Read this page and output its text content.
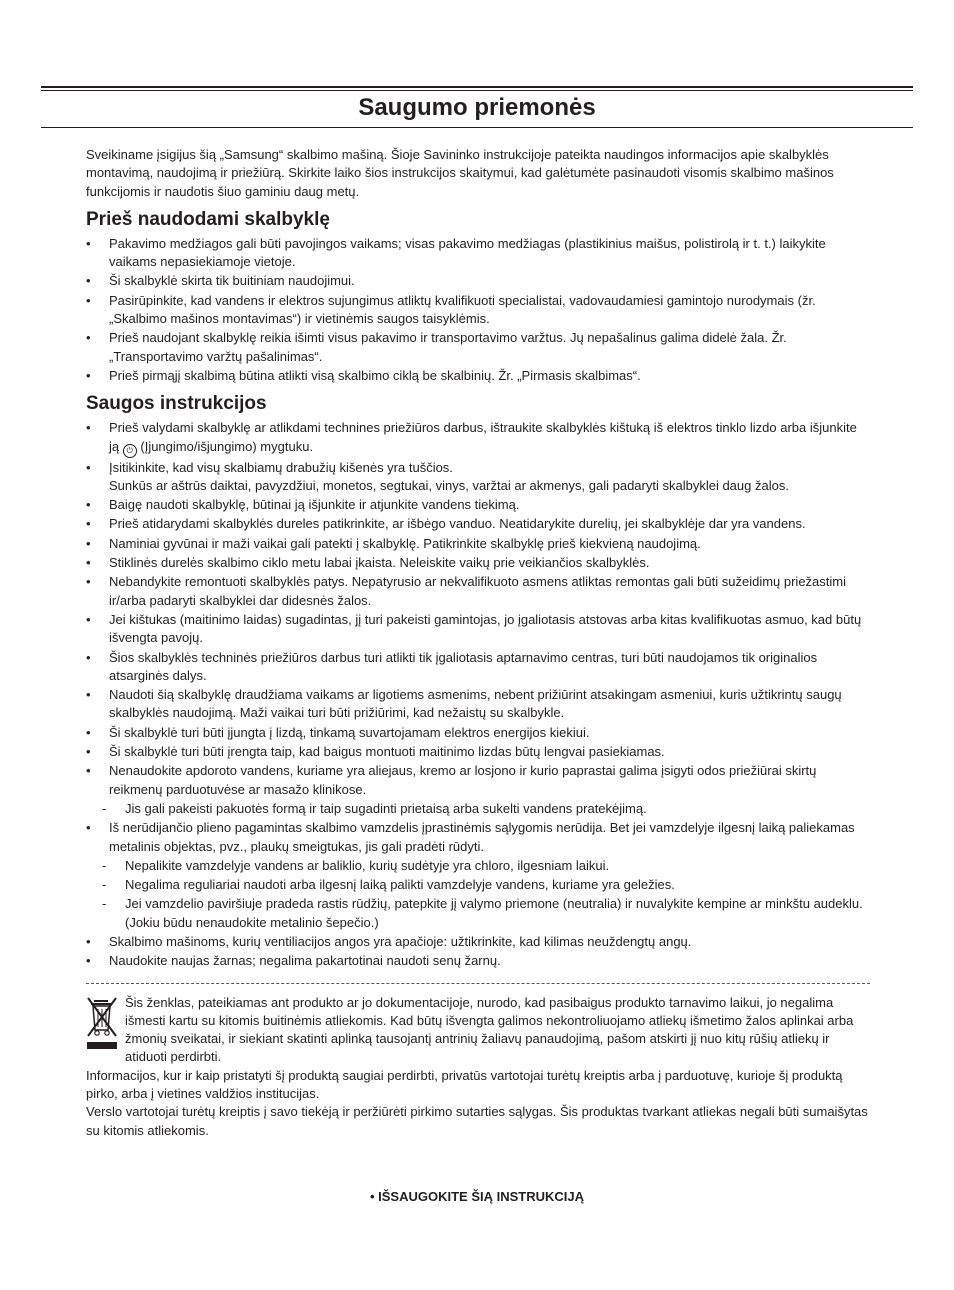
Saugumo priemonės

Sveikiname įsigijus šią „Samsung“ skalbimo mašiną. Šioje Savininko instrukcijoje pateikta naudingos informacijos apie skalbyklės montavimą, naudojimą ir priežiūrą. Skirkite laiko šios instrukcijos skaitymui, kad galėtumėte pasinaudoti visomis skalbimo mašinos funkcijomis ir naudotis šiuo gaminiu daug metų.

Prieš naudodami skalbyklę
• Pakavimo medžiagos gali būti pavojingos vaikams; visas pakavimo medžiagas (plastikinius maišus, polistirolą ir t. t.) laikykite vaikams nepasiekiamoje vietoje.
• Ši skalbyklė skirta tik buitiniam naudojimui.
• Pasirūpinkite, kad vandens ir elektros sujungimus atliktų kvalifikuoti specialistai, vadovaudamiesi gamintojo nurodymais (žr. „Skalbimo mašinos montavimas“) ir vietinėmis saugos taisyklėmis.
• Prieš naudojant skalbyklę reikia išimti visus pakavimo ir transportavimo varžtus. Jų nepašalinus galima didelė žala. Žr. „Transportavimo varžtų pašalinimas“.
• Prieš pirmąjį skalbimą būtina atlikti visą skalbimo ciklą be skalbinių. Žr. „Pirmasis skalbimas“.
Saugos instrukcijos
• Prieš valydami skalbyklę ar atlikdami technines priežiūros darbus, ištraukite skalbyklės kištuką iš elektros tinklo lizdo arba išjunkite ją ⏻ (Įjungimo/išjungimo) mygtuku.
• Įsitikinkite, kad visų skalbiamų drabužių kišenės yra tuščios.
Sunkūs ar aštrūs daiktai, pavyzdžiui, monetos, segtukai, vinys, varžtai ar akmenys, gali padaryti skalbyklei daug žalos.
• Baigę naudoti skalbyklę, būtinai ją išjunkite ir atjunkite vandens tiekimą.
• Prieš atidarydami skalbyklės dureles patikrinkite, ar išbėgo vanduo. Neatidarykite durelių, jei skalbyklėje dar yra vandens.
• Naminiai gyvūnai ir maži vaikai gali patekti į skalbyklę. Patikrinkite skalbyklę prieš kiekvieną naudojimą.
• Stiklinės durelės skalbimo ciklo metu labai įkaista. Neleiskite vaikų prie veikiančios skalbyklės.
• Nebandykite remontuoti skalbyklės patys. Nepatyrusio ar nekvalifikuoto asmens atliktas remontas gali būti sužeidimų priežastimi ir/arba padaryti skalbyklei dar didesnės žalos.
• Jei kištukas (maitinimo laidas) sugadintas, jį turi pakeisti gamintojas, jo įgaliotasis atstovas arba kitas kvalifikuotas asmuo, kad būtų išvengta pavojų.
• Šios skalbyklės techninės priežiūros darbus turi atlikti tik įgaliotasis aptarnavimo centras, turi būti naudojamos tik originalios atsarginės dalys.
• Naudoti šią skalbyklę draudžiama vaikams ar ligotiems asmenims, nebent prižiūrint atsakingam asmeniui, kuris užtikrintų saugų skalbyklės naudojimą. Maži vaikai turi būti prižiūrimi, kad nežaistų su skalbykle.
• Ši skalbyklė turi būti įjungta į lizdą, tinkamą suvartojamam elektros energijos kiekiui.
• Ši skalbyklė turi būti įrengta taip, kad baigus montuoti maitinimo lizdas būtų lengvai pasiekiamas.
• Nenaudokite apdoroto vandens, kuriame yra aliejaus, kremo ar losjono ir kurio paprastai galima įsigyti odos priežiūrai skirtų reikmenų parduotuvėse ar masažo klinikose.
- Jis gali pakeisti pakuotės formą ir taip sugadinti prietaisą arba sukelti vandens pratekėjimą.
• Iš nerūdijančio plieno pagamintas skalbimo vamzdelis įprastinėmis sąlygomis nerūdija. Bet jei vamzdelyje ilgesnį laiką paliekamas metalinis objektas, pvz., plaukų smeigtukas, jis gali pradėti rūdyti.
- Nepalikite vamzdelyje vandens ar baliklio, kurių sudėtyje yra chloro, ilgesniam laikui.
- Negalima reguliariai naudoti arba ilgesnį laiką palikti vamzdelyje vandens, kuriame yra geležies.
- Jei vamzdelio paviršiuje pradeda rastis rūdžių, patepkite jį valymo priemone (neutralia) ir nuvalykite kempine ar minkštu audeklu. (Jokiu būdu nenaudokite metalinio šepečio.)
• Skalbimo mašinoms, kurių ventiliacijos angos yra apačioje: užtikrinkite, kad kilimas neuždengtų angų.
• Naudokite naujas žarnas; negalima pakartotinai naudoti senų žarnų.
Šis ženklas, pateikiamas ant produkto ar jo dokumentacijoje, nurodo, kad pasibaigus produkto tarnavimo laikui, jo negalima išmesti kartu su kitomis buitinėmis atliekomis. Kad būtų išvengta galimos nekontroliuojamo atliekų išmetimo žalos aplinkai arba žmonių sveikatai, ir siekiant skatinti aplinką tausojantį antrinių žaliavų panaudojimą, pašom atskirti jį nuo kitų rūšių atliekų ir atiduoti perdirbti.

Informacijos, kur ir kaip pristatyti šį produktą saugiai perdirbti, privatūs vartotojai turėtų kreiptis arba į parduotuvę, kurioje šį produktą pirko, arba į vietines valdžios institucijas.

Verslo vartotojai turėtų kreiptis į savo tiekėją ir peržiūrėti pirkimo sutarties sąlygas. Šis produktas tvarkant atliekas negali būti sumaišytas su kitomis atliekomis.

• IŠSAUGOKITE ŠIĄ INSTRUKCIJĄ
